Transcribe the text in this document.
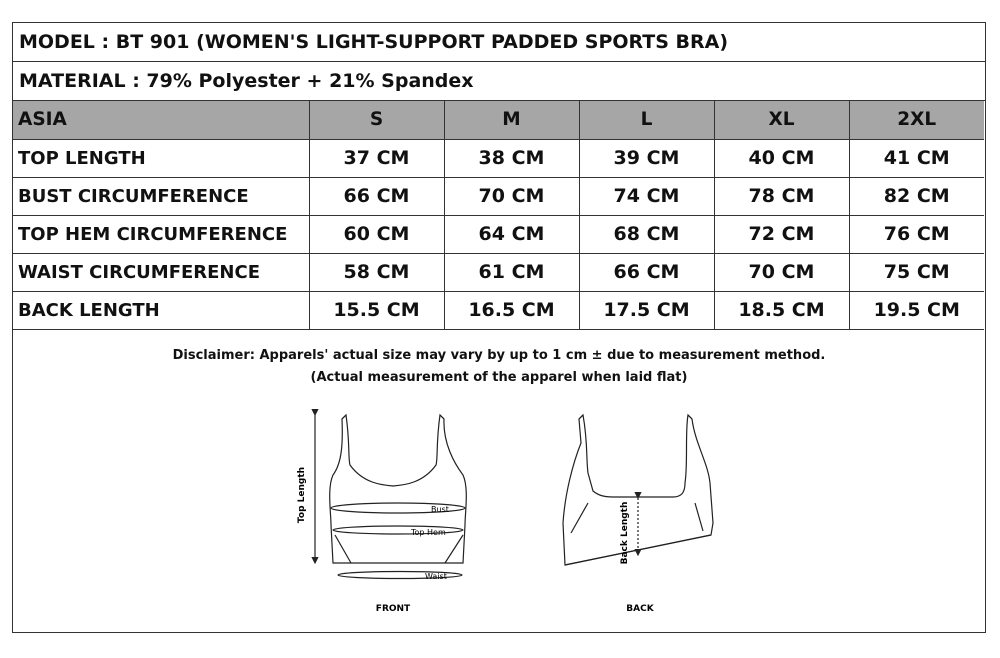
MODEL : BT 901 (WOMEN'S LIGHT-SUPPORT PADDED SPORTS BRA)
MATERIAL : 79% Polyester + 21% Spandex
ASIA	S	M	L	XL	2XL
TOP LENGTH	37 CM	38 CM	39 CM	40 CM	41 CM
BUST CIRCUMFERENCE	66 CM	70 CM	74 CM	78 CM	82 CM
TOP HEM CIRCUMFERENCE	60 CM	64 CM	68 CM	72 CM	76 CM
WAIST CIRCUMFERENCE	58 CM	61 CM	66 CM	70 CM	75 CM
BACK LENGTH	15.5 CM	16.5 CM	17.5 CM	18.5 CM	19.5 CM
Disclaimer: Apparels' actual size may vary by up to 1 cm ± due to measurement method.
(Actual measurement of the apparel when laid flat)
Top Length	Bust
Top Hem
Waist
FRONT
Back Length
BACK
